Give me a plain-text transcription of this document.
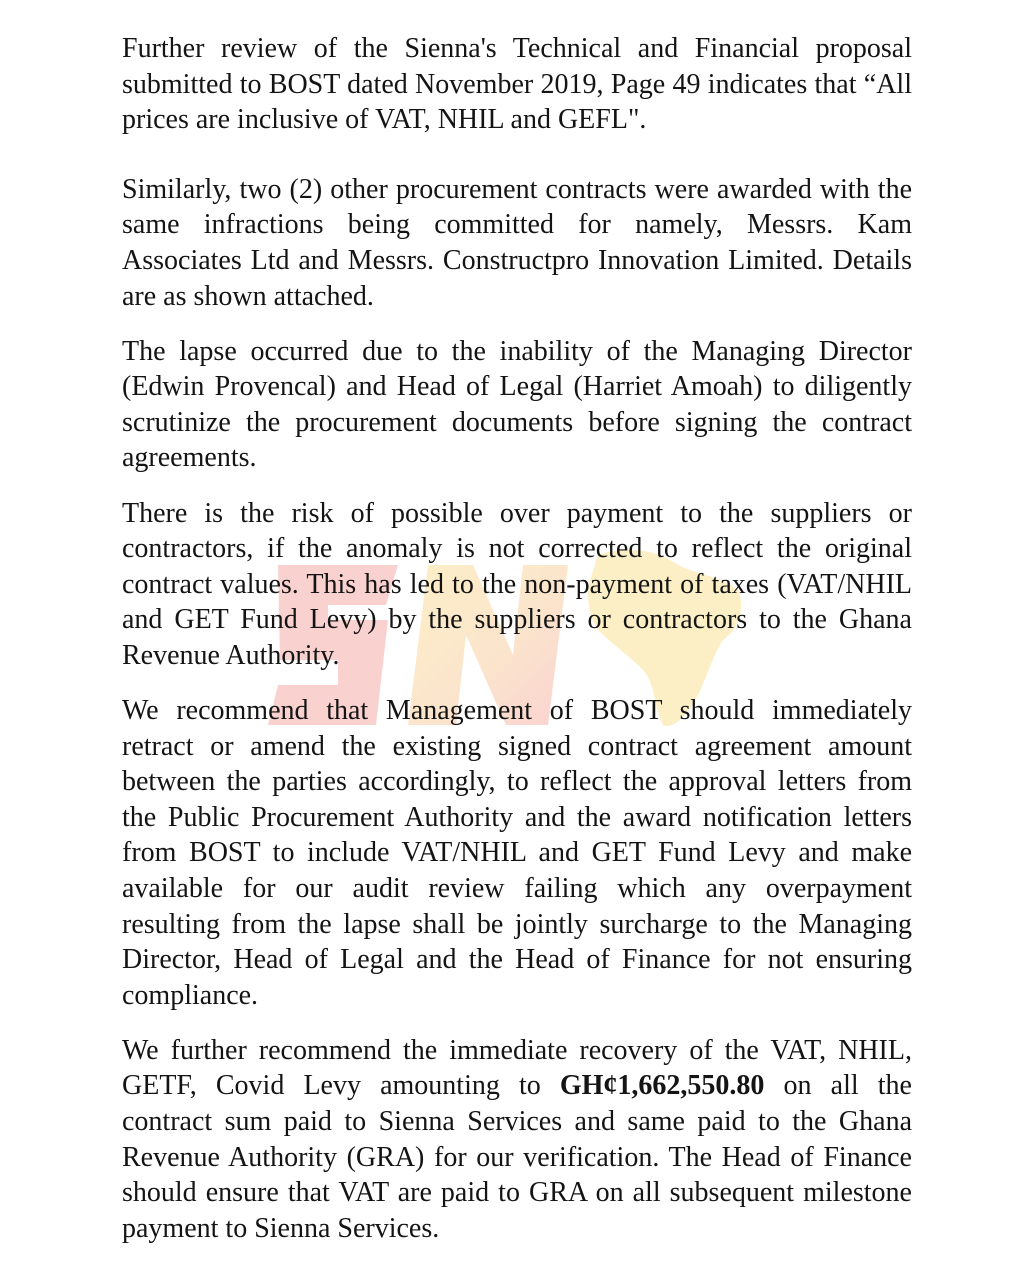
Further review of the Sienna's Technical and Financial proposal submitted to BOST dated November 2019, Page 49 indicates that “All prices are inclusive of VAT, NHIL and GEFL".

Similarly, two (2) other procurement contracts were awarded with the same infractions being committed for namely, Messrs. Kam Associates Ltd and Messrs. Constructpro Innovation Limited. Details are as shown attached.

The lapse occurred due to the inability of the Managing Director (Edwin Provencal) and Head of Legal (Harriet Amoah) to diligently scrutinize the procurement documents before signing the contract agreements.

There is the risk of possible over payment to the suppliers or contractors, if the anomaly is not corrected to reflect the original contract values. This has led to the non-payment of taxes (VAT/NHIL and GET Fund Levy) by the suppliers or contractors to the Ghana Revenue Authority.

We recommend that Management of BOST should immediately retract or amend the existing signed contract agreement amount between the parties accordingly, to reflect the approval letters from the Public Procurement Authority and the award notification letters from BOST to include VAT/NHIL and GET Fund Levy and make available for our audit review failing which any overpayment resulting from the lapse shall be jointly surcharge to the Managing Director, Head of Legal and the Head of Finance for not ensuring compliance.

We further recommend the immediate recovery of the VAT, NHIL, GETF, Covid Levy amounting to GH¢1,662,550.80 on all the contract sum paid to Sienna Services and same paid to the Ghana Revenue Authority (GRA) for our verification. The Head of Finance should ensure that VAT are paid to GRA on all subsequent milestone payment to Sienna Services.
